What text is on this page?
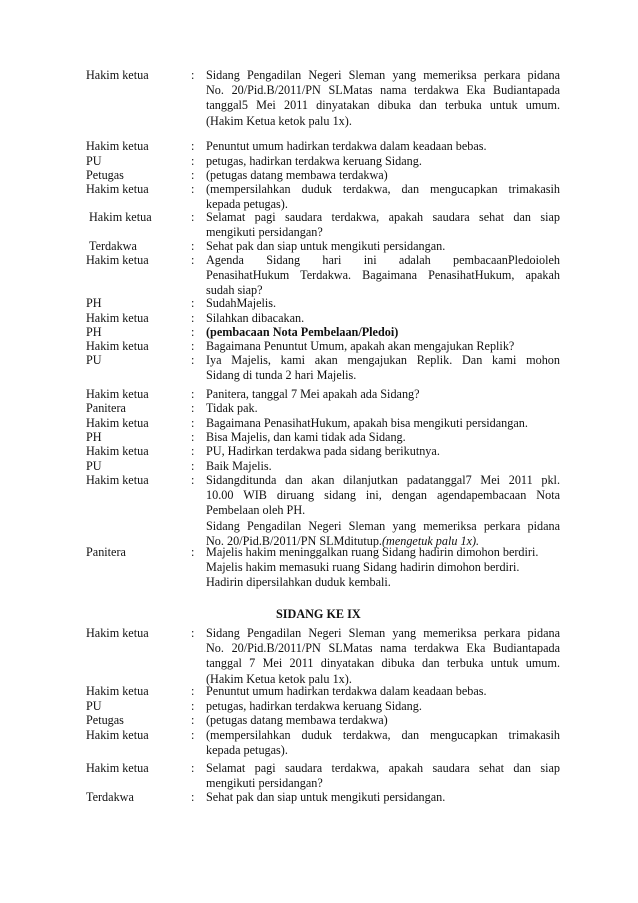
Hakim ketua	: Sidang Pengadilan Negeri Sleman yang memeriksa perkara pidana
No. 20/Pid.B/2011/PN SLMatas nama terdakwa Eka Budiantapada
tanggal5 Mei 2011 dinyatakan dibuka dan terbuka untuk umum.
(Hakim Ketua ketok palu 1x).
Hakim ketua	: Penuntut umum hadirkan terdakwa dalam keadaan bebas.
PU	: petugas, hadirkan terdakwa keruang Sidang.
Petugas	: (petugas datang membawa terdakwa)
Hakim ketua	: (mempersilahkan duduk terdakwa, dan mengucapkan trimakasih
kepada petugas).
Hakim ketua	: Selamat pagi saudara terdakwa, apakah saudara sehat dan siap
mengikuti persidangan?
Terdakwa	: Sehat pak dan siap untuk mengikuti persidangan.
Hakim ketua	: Agenda Sidang hari ini adalah pembacaanPledoioleh
PenasihatHukum Terdakwa. Bagaimana PenasihatHukum, apakah
sudah siap?
PH	: SudahMajelis.
Hakim ketua	: Silahkan dibacakan.
PH	: (pembacaan Nota Pembelaan/Pledoi)
Hakim ketua	: Bagaimana Penuntut Umum, apakah akan mengajukan Replik?
PU	: Iya Majelis, kami akan mengajukan Replik. Dan kami mohon
Sidang di tunda 2 hari Majelis.
Hakim ketua	: Panitera, tanggal 7 Mei apakah ada Sidang?
Panitera	: Tidak pak.
Hakim ketua	: Bagaimana PenasihatHukum, apakah bisa mengikuti persidangan.
PH	: Bisa Majelis, dan kami tidak ada Sidang.
Hakim ketua	: PU, Hadirkan terdakwa pada sidang berikutnya.
PU	: Baik Majelis.
Hakim ketua	: Sidangditunda dan akan dilanjutkan padatanggal7 Mei 2011 pkl.
10.00 WIB diruang sidang ini, dengan agendapembacaan Nota
Pembelaan oleh PH.
Sidang Pengadilan Negeri Sleman yang memeriksa perkara pidana
No. 20/Pid.B/2011/PN SLMditutup.(mengetuk palu 1x).
Panitera	: Majelis hakim meninggalkan ruang Sidang hadirin dimohon berdiri.
Majelis hakim memasuki ruang Sidang hadirin dimohon berdiri.
Hadirin dipersilahkan duduk kembali.
SIDANG KE IX
Hakim ketua	: Sidang Pengadilan Negeri Sleman yang memeriksa perkara pidana
No. 20/Pid.B/2011/PN SLMatas nama terdakwa Eka Budiantapada
tanggal 7 Mei 2011 dinyatakan dibuka dan terbuka untuk umum.
(Hakim Ketua ketok palu 1x).
Hakim ketua	: Penuntut umum hadirkan terdakwa dalam keadaan bebas.
PU	: petugas, hadirkan terdakwa keruang Sidang.
Petugas	: (petugas datang membawa terdakwa)
Hakim ketua	: (mempersilahkan duduk terdakwa, dan mengucapkan trimakasih
kepada petugas).
Hakim ketua	: Selamat pagi saudara terdakwa, apakah saudara sehat dan siap
mengikuti persidangan?
Terdakwa	: Sehat pak dan siap untuk mengikuti persidangan.
